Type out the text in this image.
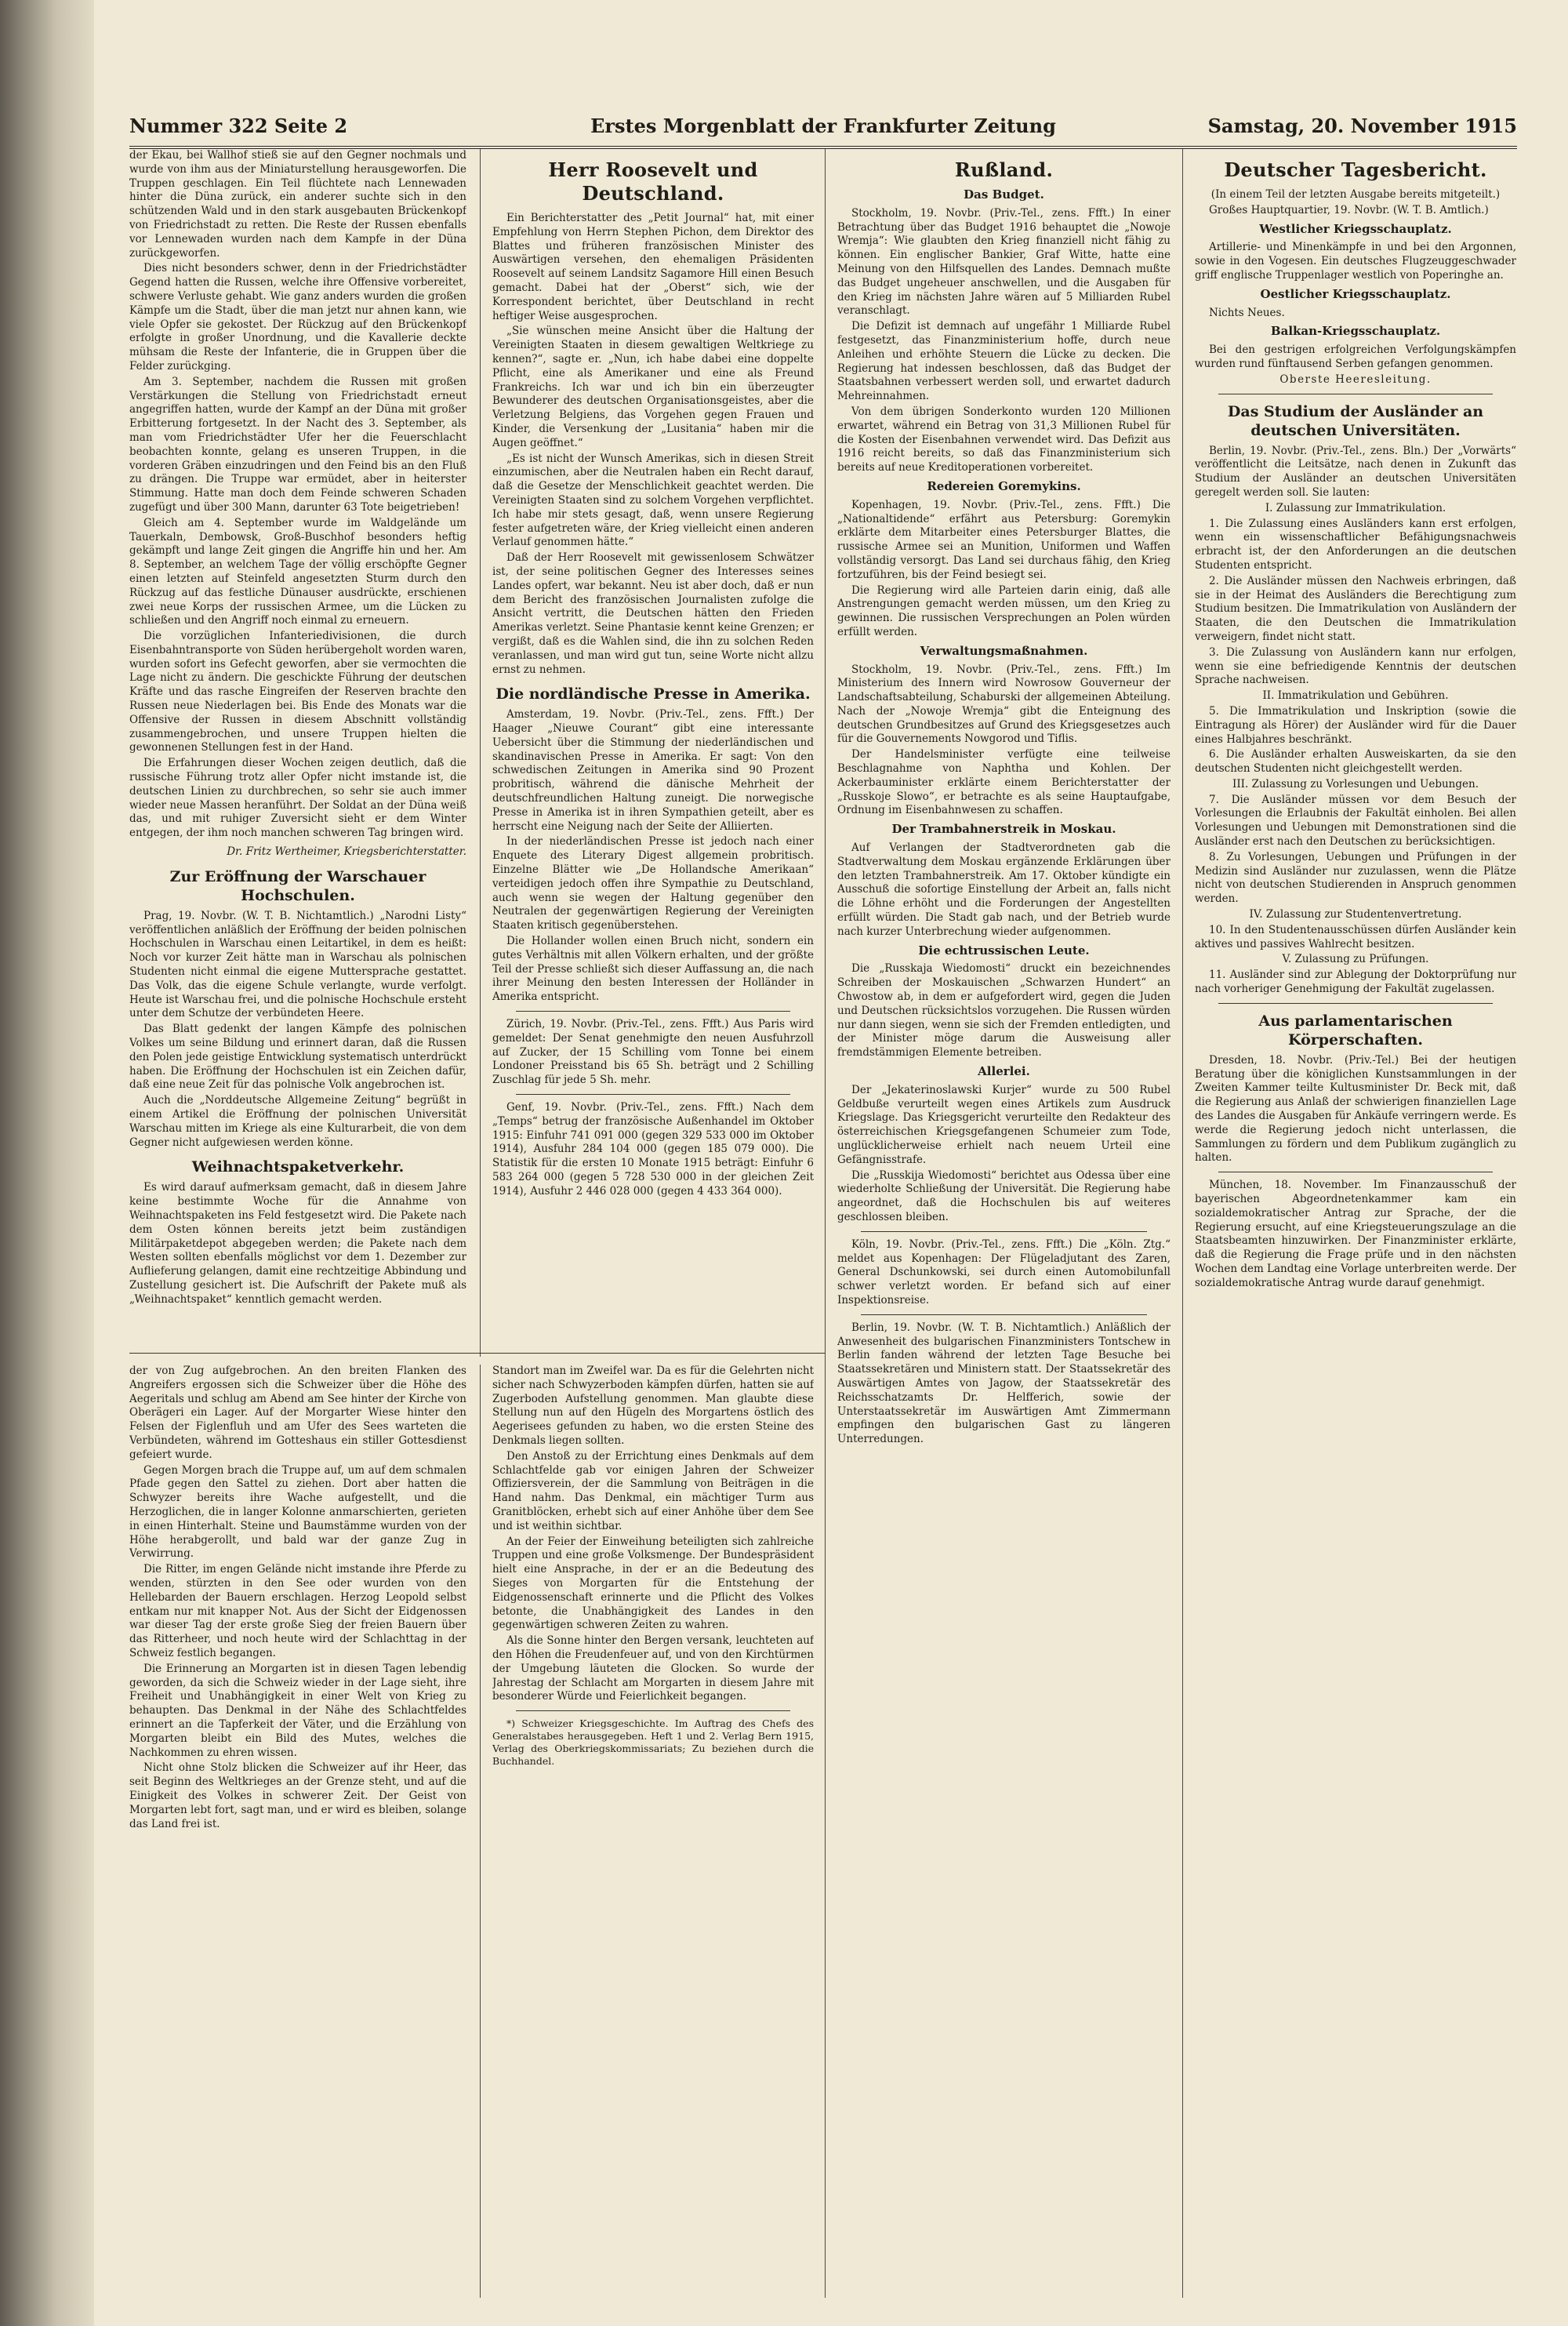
Nummer 322 Seite 2	Erstes Morgenblatt der Frankfurter Zeitung	Samstag, 20. November 1915

der Ekau, bei Wallhof stieß sie auf den Gegner nochmals und wurde von ihm aus der Miniaturstellung herausgeworfen. Die Truppen geschlagen. Ein Teil flüchtete nach Lennewaden hinter die Düna zurück, ein anderer suchte sich in den schützenden Wald und in den stark ausgebauten Brückenkopf von Friedrichstadt zu retten. Die Reste der Russen ebenfalls vor Lennewaden wurden nach dem Kampfe in der Düna zurückgeworfen.

Dies nicht besonders schwer, denn in der Friedrichstädter Gegend hatten die Russen, welche ihre Offensive vorbereitet, schwere Verluste gehabt. Wie ganz anders wurden die großen Kämpfe um die Stadt, über die man jetzt nur ahnen kann, wie viele Opfer sie gekostet. Der Rückzug auf den Brückenkopf erfolgte in großer Unordnung, und die Kavallerie deckte mühsam die Reste der Infanterie, die in Gruppen über die Felder zurückging.

Am 3. September, nachdem die Russen mit großen Verstärkungen die Stellung von Friedrichstadt erneut angegriffen hatten, wurde der Kampf an der Düna mit großer Erbitterung fortgesetzt. In der Nacht des 3. September, als man vom Friedrichstädter Ufer her die Feuerschlacht beobachten konnte, gelang es unseren Truppen, in die vorderen Gräben einzudringen und den Feind bis an den Fluß zu drängen. Die Truppe war ermüdet, aber in heiterster Stimmung. Hatte man doch dem Feinde schweren Schaden zugefügt und über 300 Mann, darunter 63 Tote beigetrieben!

Gleich am 4. September wurde im Waldgelände um Tauerkaln, Dembowsk, Groß-Buschhof besonders heftig gekämpft und lange Zeit gingen die Angriffe hin und her. Am 8. September, an welchem Tage der völlig erschöpfte Gegner einen letzten auf Steinfeld angesetzten Sturm durch den Rückzug auf das festliche Dünauser ausdrückte, erschienen zwei neue Korps der russischen Armee, um die Lücken zu schließen und den Angriff noch einmal zu erneuern.

Die vorzüglichen Infanteriedivisionen, die durch Eisenbahntransporte von Süden herübergeholt worden waren, wurden sofort ins Gefecht geworfen, aber sie vermochten die Lage nicht zu ändern. Die geschickte Führung der deutschen Kräfte und das rasche Eingreifen der Reserven brachte den Russen neue Niederlagen bei. Bis Ende des Monats war die Offensive der Russen in diesem Abschnitt vollständig zusammengebrochen, und unsere Truppen hielten die gewonnenen Stellungen fest in der Hand.

Die Erfahrungen dieser Wochen zeigen deutlich, daß die russische Führung trotz aller Opfer nicht imstande ist, die deutschen Linien zu durchbrechen, so sehr sie auch immer wieder neue Massen heranführt. Der Soldat an der Düna weiß das, und mit ruhiger Zuversicht sieht er dem Winter entgegen, der ihm noch manchen schweren Tag bringen wird.

Dr. Fritz Wertheimer, Kriegsberichterstatter.
Zur Eröffnung der Warschauer Hochschulen.

Prag, 19. Novbr. (W. T. B. Nichtamtlich.) „Narodni Listy“ veröffentlichen anläßlich der Eröffnung der beiden polnischen Hochschulen in Warschau einen Leitartikel, in dem es heißt: Noch vor kurzer Zeit hätte man in Warschau als polnischen Studenten nicht einmal die eigene Muttersprache gestattet. Das Volk, das die eigene Schule verlangte, wurde verfolgt. Heute ist Warschau frei, und die polnische Hochschule ersteht unter dem Schutze der verbündeten Heere.

Das Blatt gedenkt der langen Kämpfe des polnischen Volkes um seine Bildung und erinnert daran, daß die Russen den Polen jede geistige Entwicklung systematisch unterdrückt haben. Die Eröffnung der Hochschulen ist ein Zeichen dafür, daß eine neue Zeit für das polnische Volk angebrochen ist.

Auch die „Norddeutsche Allgemeine Zeitung“ begrüßt in einem Artikel die Eröffnung der polnischen Universität Warschau mitten im Kriege als eine Kulturarbeit, die von dem Gegner nicht aufgewiesen werden könne.

Weihnachtspaketverkehr.

Es wird darauf aufmerksam gemacht, daß in diesem Jahre keine bestimmte Woche für die Annahme von Weihnachtspaketen ins Feld festgesetzt wird. Die Pakete nach dem Osten können bereits jetzt beim zuständigen Militärpaketdepot abgegeben werden; die Pakete nach dem Westen sollten ebenfalls möglichst vor dem 1. Dezember zur Auflieferung gelangen, damit eine rechtzeitige Abbindung und Zustellung gesichert ist. Die Aufschrift der Pakete muß als „Weihnachtspaket“ kenntlich gemacht werden.

der von Zug aufgebrochen. An den breiten Flanken des Angreifers ergossen sich die Schweizer über die Höhe des Aegeritals und schlug am Abend am See hinter der Kirche von Oberägeri ein Lager. Auf der Morgarter Wiese hinter den Felsen der Figlenfluh und am Ufer des Sees warteten die Verbündeten, während im Gotteshaus ein stiller Gottesdienst gefeiert wurde.

Gegen Morgen brach die Truppe auf, um auf dem schmalen Pfade gegen den Sattel zu ziehen. Dort aber hatten die Schwyzer bereits ihre Wache aufgestellt, und die Herzoglichen, die in langer Kolonne anmarschierten, gerieten in einen Hinterhalt. Steine und Baumstämme wurden von der Höhe herabgerollt, und bald war der ganze Zug in Verwirrung.

Die Ritter, im engen Gelände nicht imstande ihre Pferde zu wenden, stürzten in den See oder wurden von den Hellebarden der Bauern erschlagen. Herzog Leopold selbst entkam nur mit knapper Not. Aus der Sicht der Eidgenossen war dieser Tag der erste große Sieg der freien Bauern über das Ritterheer, und noch heute wird der Schlachttag in der Schweiz festlich begangen.

Die Erinnerung an Morgarten ist in diesen Tagen lebendig geworden, da sich die Schweiz wieder in der Lage sieht, ihre Freiheit und Unabhängigkeit in einer Welt von Krieg zu behaupten. Das Denkmal in der Nähe des Schlachtfeldes erinnert an die Tapferkeit der Väter, und die Erzählung von Morgarten bleibt ein Bild des Mutes, welches die Nachkommen zu ehren wissen.

Nicht ohne Stolz blicken die Schweizer auf ihr Heer, das seit Beginn des Weltkrieges an der Grenze steht, und auf die Einigkeit des Volkes in schwerer Zeit. Der Geist von Morgarten lebt fort, sagt man, und er wird es bleiben, solange das Land frei ist.

Herr Roosevelt und Deutschland.

Ein Berichterstatter des „Petit Journal“ hat, mit einer Empfehlung von Herrn Stephen Pichon, dem Direktor des Blattes und früheren französischen Minister des Auswärtigen versehen, den ehemaligen Präsidenten Roosevelt auf seinem Landsitz Sagamore Hill einen Besuch gemacht. Dabei hat der „Oberst“ sich, wie der Korrespondent berichtet, über Deutschland in recht heftiger Weise ausgesprochen.

„Sie wünschen meine Ansicht über die Haltung der Vereinigten Staaten in diesem gewaltigen Weltkriege zu kennen?“, sagte er. „Nun, ich habe dabei eine doppelte Pflicht, eine als Amerikaner und eine als Freund Frankreichs. Ich war und ich bin ein überzeugter Bewunderer des deutschen Organisationsgeistes, aber die Verletzung Belgiens, das Vorgehen gegen Frauen und Kinder, die Versenkung der „Lusitania“ haben mir die Augen geöffnet.“

„Es ist nicht der Wunsch Amerikas, sich in diesen Streit einzumischen, aber die Neutralen haben ein Recht darauf, daß die Gesetze der Menschlichkeit geachtet werden. Die Vereinigten Staaten sind zu solchem Vorgehen verpflichtet. Ich habe mir stets gesagt, daß, wenn unsere Regierung fester aufgetreten wäre, der Krieg vielleicht einen anderen Verlauf genommen hätte.“

Daß der Herr Roosevelt mit gewissenlosem Schwätzer ist, der seine politischen Gegner des Interesses seines Landes opfert, war bekannt. Neu ist aber doch, daß er nun dem Bericht des französischen Journalisten zufolge die Ansicht vertritt, die Deutschen hätten den Frieden Amerikas verletzt. Seine Phantasie kennt keine Grenzen; er vergißt, daß es die Wahlen sind, die ihn zu solchen Reden veranlassen, und man wird gut tun, seine Worte nicht allzu ernst zu nehmen.

Die nordländische Presse in Amerika.

Amsterdam, 19. Novbr. (Priv.-Tel., zens. Ffft.) Der Haager „Nieuwe Courant“ gibt eine interessante Uebersicht über die Stimmung der niederländischen und skandinavischen Presse in Amerika. Er sagt: Von den schwedischen Zeitungen in Amerika sind 90 Prozent probritisch, während die dänische Mehrheit der deutschfreundlichen Haltung zuneigt. Die norwegische Presse in Amerika ist in ihren Sympathien geteilt, aber es herrscht eine Neigung nach der Seite der Alliierten.

In der niederländischen Presse ist jedoch nach einer Enquete des Literary Digest allgemein probritisch. Einzelne Blätter wie „De Hollandsche Amerikaan“ verteidigen jedoch offen ihre Sympathie zu Deutschland, auch wenn sie wegen der Haltung gegenüber den Neutralen der gegenwärtigen Regierung der Vereinigten Staaten kritisch gegenüberstehen.

Die Hollander wollen einen Bruch nicht, sondern ein gutes Verhältnis mit allen Völkern erhalten, und der größte Teil der Presse schließt sich dieser Auffassung an, die nach ihrer Meinung den besten Interessen der Holländer in Amerika entspricht.

Zürich, 19. Novbr. (Priv.-Tel., zens. Ffft.) Aus Paris wird gemeldet: Der Senat genehmigte den neuen Ausfuhrzoll auf Zucker, der 15 Schilling vom Tonne bei einem Londoner Preisstand bis 65 Sh. beträgt und 2 Schilling Zuschlag für jede 5 Sh. mehr.

Genf, 19. Novbr. (Priv.-Tel., zens. Ffft.) Nach dem „Temps“ betrug der französische Außenhandel im Oktober 1915: Einfuhr 741 091 000 (gegen 329 533 000 im Oktober 1914), Ausfuhr 284 104 000 (gegen 185 079 000). Die Statistik für die ersten 10 Monate 1915 beträgt: Einfuhr 6 583 264 000 (gegen 5 728 530 000 in der gleichen Zeit 1914), Ausfuhr 2 446 028 000 (gegen 4 433 364 000).

Standort man im Zweifel war. Da es für die Gelehrten nicht sicher nach Schwyzerboden kämpfen dürfen, hatten sie auf Zugerboden Aufstellung genommen. Man glaubte diese Stellung nun auf den Hügeln des Morgartens östlich des Aegerisees gefunden zu haben, wo die ersten Steine des Denkmals liegen sollten.

Den Anstoß zu der Errichtung eines Denkmals auf dem Schlachtfelde gab vor einigen Jahren der Schweizer Offiziersverein, der die Sammlung von Beiträgen in die Hand nahm. Das Denkmal, ein mächtiger Turm aus Granitblöcken, erhebt sich auf einer Anhöhe über dem See und ist weithin sichtbar.

An der Feier der Einweihung beteiligten sich zahlreiche Truppen und eine große Volksmenge. Der Bundespräsident hielt eine Ansprache, in der er an die Bedeutung des Sieges von Morgarten für die Entstehung der Eidgenossenschaft erinnerte und die Pflicht des Volkes betonte, die Unabhängigkeit des Landes in den gegenwärtigen schweren Zeiten zu wahren.

Als die Sonne hinter den Bergen versank, leuchteten auf den Höhen die Freudenfeuer auf, und von den Kirchtürmen der Umgebung läuteten die Glocken. So wurde der Jahrestag der Schlacht am Morgarten in diesem Jahre mit besonderer Würde und Feierlichkeit begangen.

*) Schweizer Kriegsgeschichte. Im Auftrag des Chefs des Generalstabes herausgegeben. Heft 1 und 2. Verlag Bern 1915, Verlag des Oberkriegskommissariats; Zu beziehen durch die Buchhandel.

Rußland.
Das Budget.

Stockholm, 19. Novbr. (Priv.-Tel., zens. Ffft.) In einer Betrachtung über das Budget 1916 behauptet die „Nowoje Wremja“: Wie glaubten den Krieg finanziell nicht fähig zu können. Ein englischer Bankier, Graf Witte, hatte eine Meinung von den Hilfsquellen des Landes. Demnach mußte das Budget ungeheuer anschwellen, und die Ausgaben für den Krieg im nächsten Jahre wären auf 5 Milliarden Rubel veranschlagt.

Die Defizit ist demnach auf ungefähr 1 Milliarde Rubel festgesetzt, das Finanzministerium hoffe, durch neue Anleihen und erhöhte Steuern die Lücke zu decken. Die Regierung hat indessen beschlossen, daß das Budget der Staatsbahnen verbessert werden soll, und erwartet dadurch Mehreinnahmen.

Von dem übrigen Sonderkonto wurden 120 Millionen erwartet, während ein Betrag von 31,3 Millionen Rubel für die Kosten der Eisenbahnen verwendet wird. Das Defizit aus 1916 reicht bereits, so daß das Finanzministerium sich bereits auf neue Kreditoperationen vorbereitet.

Redereien Goremykins.

Kopenhagen, 19. Novbr. (Priv.-Tel., zens. Ffft.) Die „Nationaltidende“ erfährt aus Petersburg: Goremykin erklärte dem Mitarbeiter eines Petersburger Blattes, die russische Armee sei an Munition, Uniformen und Waffen vollständig versorgt. Das Land sei durchaus fähig, den Krieg fortzuführen, bis der Feind besiegt sei.

Die Regierung wird alle Parteien darin einig, daß alle Anstrengungen gemacht werden müssen, um den Krieg zu gewinnen. Die russischen Versprechungen an Polen würden erfüllt werden.

Verwaltungsmaßnahmen.

Stockholm, 19. Novbr. (Priv.-Tel., zens. Ffft.) Im Ministerium des Innern wird Nowrosow Gouverneur der Landschaftsabteilung, Schaburski der allgemeinen Abteilung. Nach der „Nowoje Wremja“ gibt die Enteignung des deutschen Grundbesitzes auf Grund des Kriegsgesetzes auch für die Gouvernements Nowgorod und Tiflis.

Der Handelsminister verfügte eine teilweise Beschlagnahme von Naphtha und Kohlen. Der Ackerbauminister erklärte einem Berichterstatter der „Russkoje Slowo“, er betrachte es als seine Hauptaufgabe, Ordnung im Eisenbahnwesen zu schaffen.

Der Trambahnerstreik in Moskau.

Auf Verlangen der Stadtverordneten gab die Stadtverwaltung dem Moskau ergänzende Erklärungen über den letzten Trambahnerstreik. Am 17. Oktober kündigte ein Ausschuß die sofortige Einstellung der Arbeit an, falls nicht die Löhne erhöht und die Forderungen der Angestellten erfüllt würden. Die Stadt gab nach, und der Betrieb wurde nach kurzer Unterbrechung wieder aufgenommen.

Die echtrussischen Leute.

Die „Russkaja Wiedomosti“ druckt ein bezeichnendes Schreiben der Moskauischen „Schwarzen Hundert“ an Chwostow ab, in dem er aufgefordert wird, gegen die Juden und Deutschen rücksichtslos vorzugehen. Die Russen würden nur dann siegen, wenn sie sich der Fremden entledigten, und der Minister möge darum die Ausweisung aller fremdstämmigen Elemente betreiben.

Allerlei.

Der „Jekaterinoslawski Kurjer“ wurde zu 500 Rubel Geldbuße verurteilt wegen eines Artikels zum Ausdruck Kriegslage. Das Kriegsgericht verurteilte den Redakteur des österreichischen Kriegsgefangenen Schumeier zum Tode, unglücklicherweise erhielt nach neuem Urteil eine Gefängnisstrafe.

Die „Russkija Wiedomosti“ berichtet aus Odessa über eine wiederholte Schließung der Universität. Die Regierung habe angeordnet, daß die Hochschulen bis auf weiteres geschlossen bleiben.

Köln, 19. Novbr. (Priv.-Tel., zens. Ffft.) Die „Köln. Ztg.“ meldet aus Kopenhagen: Der Flügeladjutant des Zaren, General Dschunkowski, sei durch einen Automobilunfall schwer verletzt worden. Er befand sich auf einer Inspektionsreise.

Berlin, 19. Novbr. (W. T. B. Nichtamtlich.) Anläßlich der Anwesenheit des bulgarischen Finanzministers Tontschew in Berlin fanden während der letzten Tage Besuche bei Staatssekretären und Ministern statt. Der Staatssekretär des Auswärtigen Amtes von Jagow, der Staatssekretär des Reichsschatzamts Dr. Helfferich, sowie der Unterstaatssekretär im Auswärtigen Amt Zimmermann empfingen den bulgarischen Gast zu längeren Unterredungen.

Deutscher Tagesbericht.

(In einem Teil der letzten Ausgabe bereits mitgeteilt.)

Großes Hauptquartier, 19. Novbr. (W. T. B. Amtlich.)

Westlicher Kriegsschauplatz.

Artillerie- und Minenkämpfe in und bei den Argonnen, sowie in den Vogesen. Ein deutsches Flugzeuggeschwader griff englische Truppenlager westlich von Poperinghe an.

Oestlicher Kriegsschauplatz.

Nichts Neues.

Balkan-Kriegsschauplatz.

Bei den gestrigen erfolgreichen Verfolgungskämpfen wurden rund fünftausend Serben gefangen genommen.

Oberste Heeresleitung.

Das Studium der Ausländer an deutschen Universitäten.

Berlin, 19. Novbr. (Priv.-Tel., zens. Bln.) Der „Vorwärts“ veröffentlicht die Leitsätze, nach denen in Zukunft das Studium der Ausländer an deutschen Universitäten geregelt werden soll. Sie lauten:

I. Zulassung zur Immatrikulation.

1. Die Zulassung eines Ausländers kann erst erfolgen, wenn ein wissenschaftlicher Befähigungsnachweis erbracht ist, der den Anforderungen an die deutschen Studenten entspricht.

2. Die Ausländer müssen den Nachweis erbringen, daß sie in der Heimat des Ausländers die Berechtigung zum Studium besitzen. Die Immatrikulation von Ausländern der Staaten, die den Deutschen die Immatrikulation verweigern, findet nicht statt.

3. Die Zulassung von Ausländern kann nur erfolgen, wenn sie eine befriedigende Kenntnis der deutschen Sprache nachweisen.

II. Immatrikulation und Gebühren.

5. Die Immatrikulation und Inskription (sowie die Eintragung als Hörer) der Ausländer wird für die Dauer eines Halbjahres beschränkt.

6. Die Ausländer erhalten Ausweiskarten, da sie den deutschen Studenten nicht gleichgestellt werden.

III. Zulassung zu Vorlesungen und Uebungen.

7. Die Ausländer müssen vor dem Besuch der Vorlesungen die Erlaubnis der Fakultät einholen. Bei allen Vorlesungen und Uebungen mit Demonstrationen sind die Ausländer erst nach den Deutschen zu berücksichtigen.

8. Zu Vorlesungen, Uebungen und Prüfungen in der Medizin sind Ausländer nur zuzulassen, wenn die Plätze nicht von deutschen Studierenden in Anspruch genommen werden.

IV. Zulassung zur Studentenvertretung.

10. In den Studentenausschüssen dürfen Ausländer kein aktives und passives Wahlrecht besitzen.

V. Zulassung zu Prüfungen.

11. Ausländer sind zur Ablegung der Doktorprüfung nur nach vorheriger Genehmigung der Fakultät zugelassen.

Aus parlamentarischen Körperschaften.

Dresden, 18. Novbr. (Priv.-Tel.) Bei der heutigen Beratung über die königlichen Kunstsammlungen in der Zweiten Kammer teilte Kultusminister Dr. Beck mit, daß die Regierung aus Anlaß der schwierigen finanziellen Lage des Landes die Ausgaben für Ankäufe verringern werde. Es werde die Regierung jedoch nicht unterlassen, die Sammlungen zu fördern und dem Publikum zugänglich zu halten.

München, 18. November. Im Finanzausschuß der bayerischen Abgeordnetenkammer kam ein sozialdemokratischer Antrag zur Sprache, der die Regierung ersucht, auf eine Kriegsteuerungszulage an die Staatsbeamten hinzuwirken. Der Finanzminister erklärte, daß die Regierung die Frage prüfe und in den nächsten Wochen dem Landtag eine Vorlage unterbreiten werde. Der sozialdemokratische Antrag wurde darauf genehmigt.
